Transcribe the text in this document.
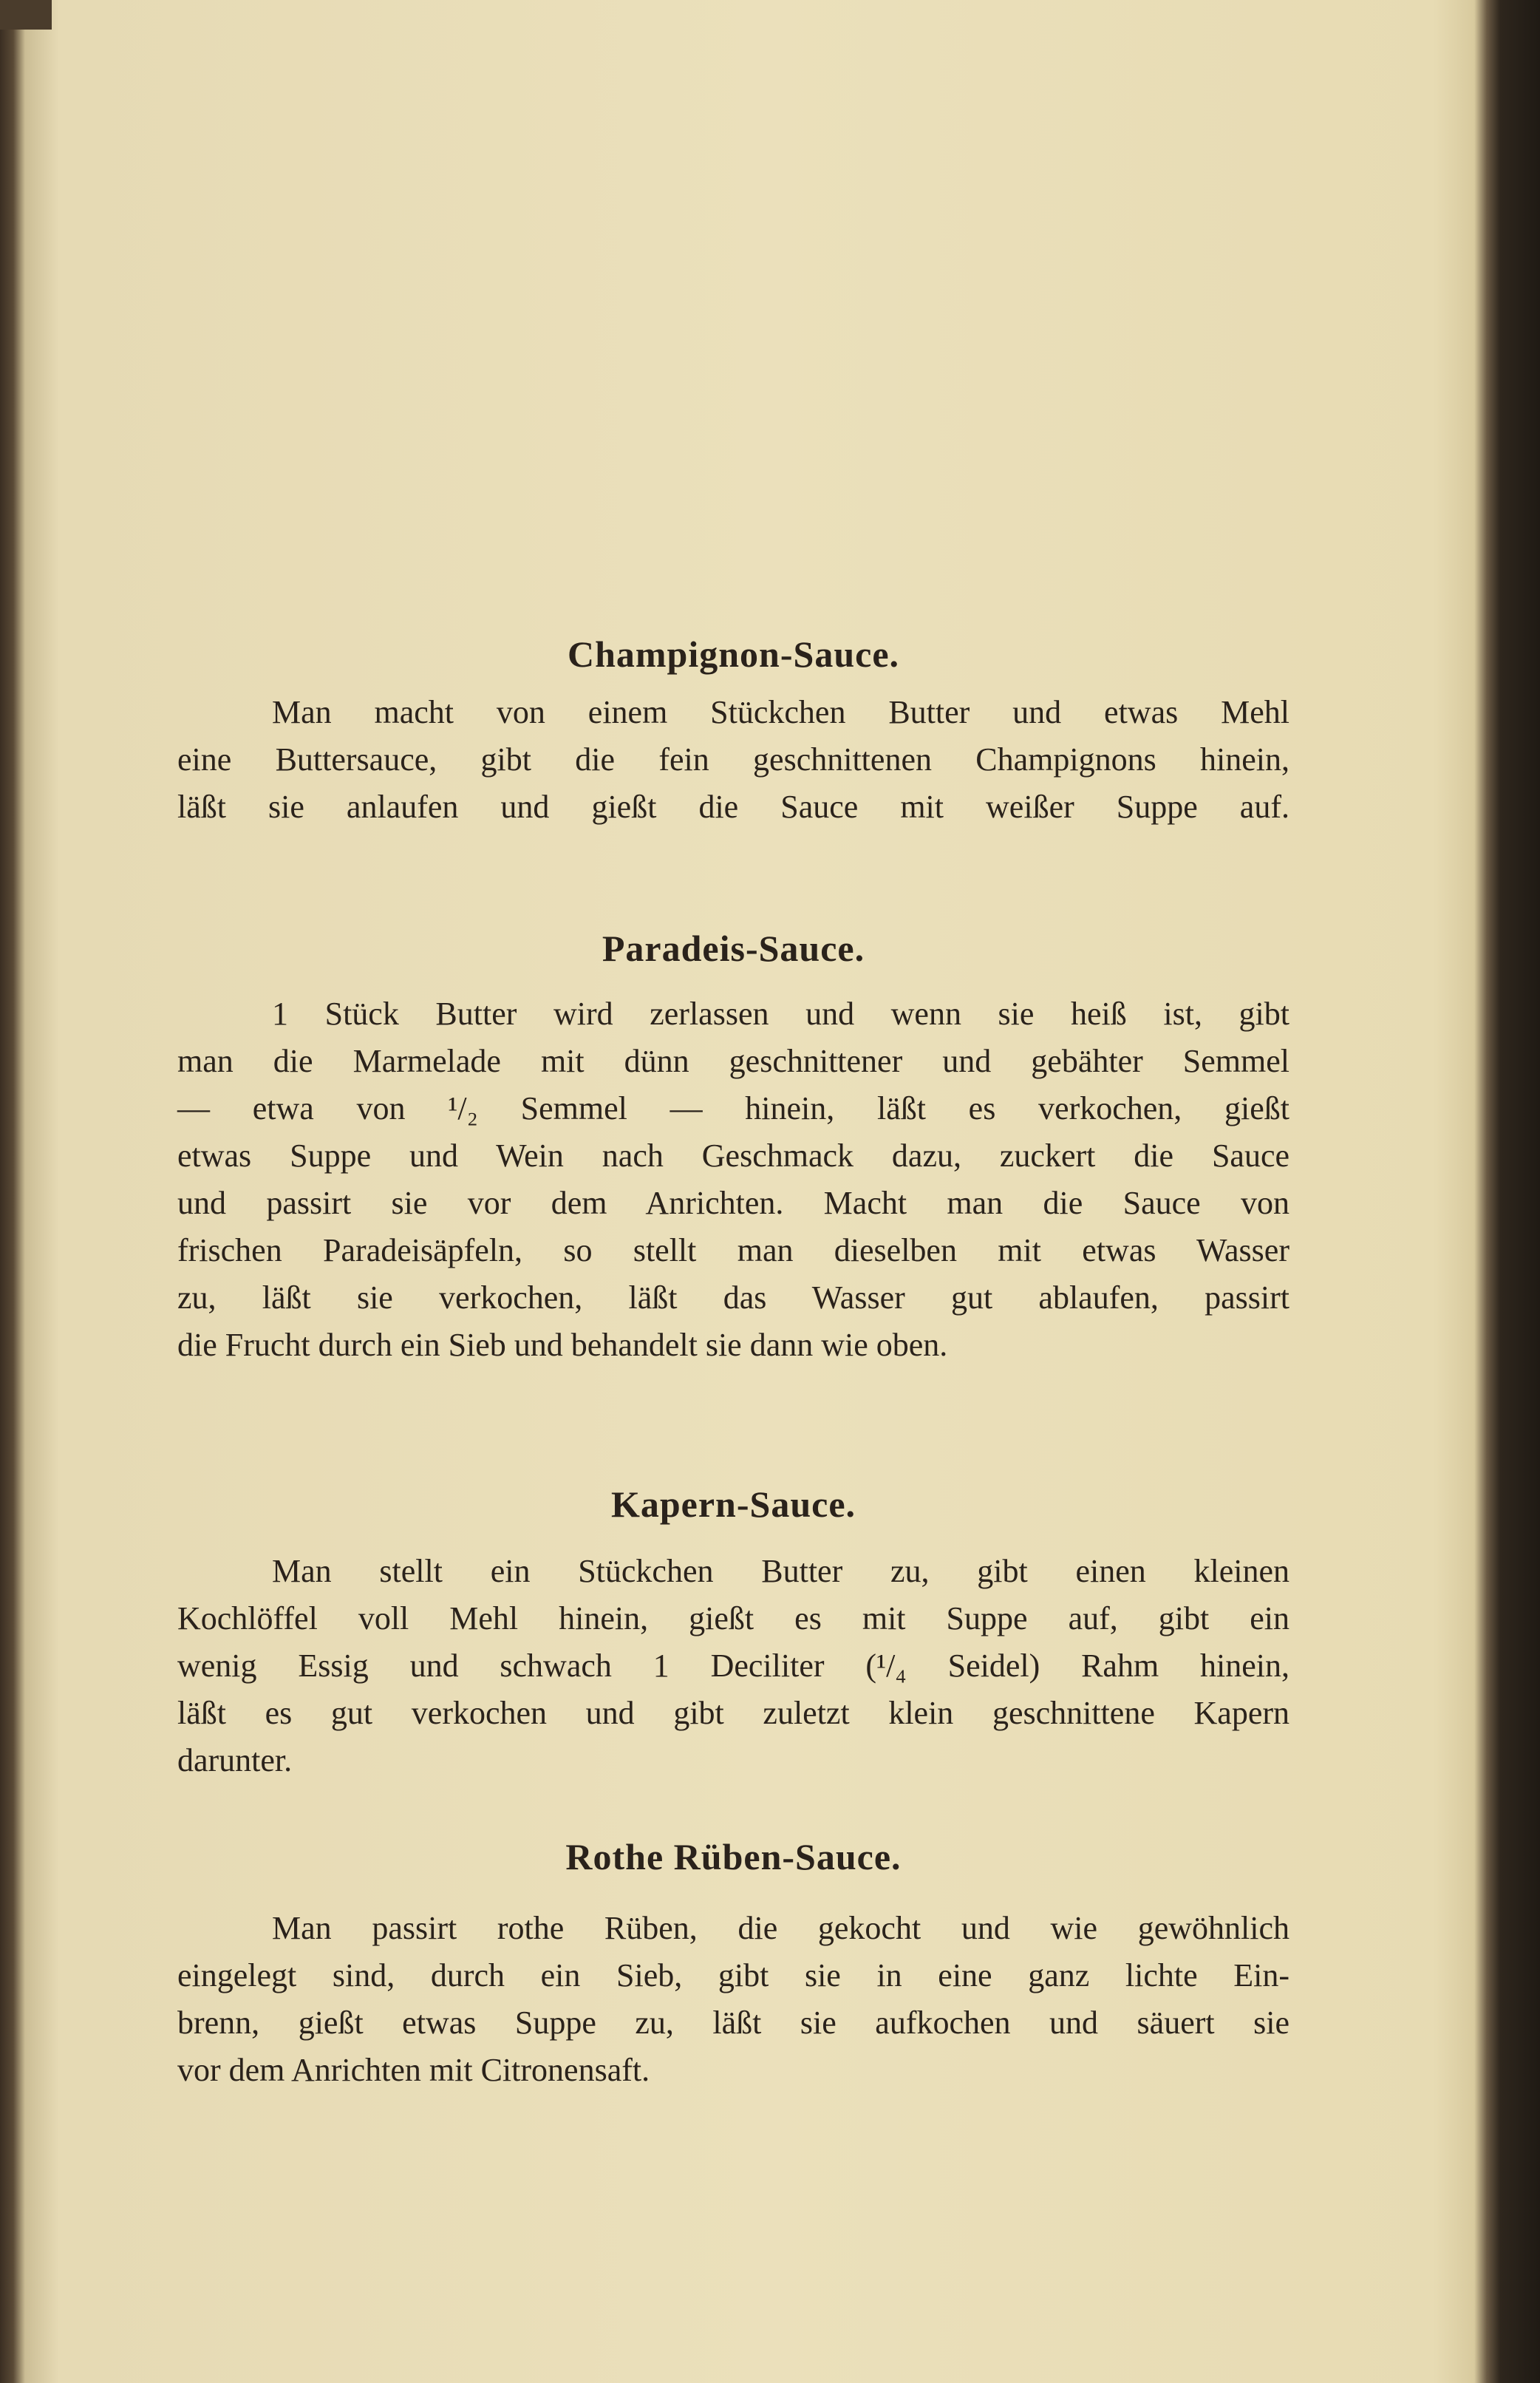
Champignon-Sauce.
Man macht von einem Stückchen Butter und etwas Mehl
eine Buttersauce, gibt die fein geschnittenen Champignons hinein,
läßt sie anlaufen und gießt die Sauce mit weißer Suppe auf.
Paradeis-Sauce.
1 Stück Butter wird zerlassen und wenn sie heiß ist, gibt
man die Marmelade mit dünn geschnittener und gebähter Semmel
— etwa von ¹/₂ Semmel — hinein, läßt es verkochen, gießt
etwas Suppe und Wein nach Geschmack dazu, zuckert die Sauce
und passirt sie vor dem Anrichten. Macht man die Sauce von
frischen Paradeisäpfeln, so stellt man dieselben mit etwas Wasser
zu, läßt sie verkochen, läßt das Wasser gut ablaufen, passirt
die Frucht durch ein Sieb und behandelt sie dann wie oben.
Kapern-Sauce.
Man stellt ein Stückchen Butter zu, gibt einen kleinen
Kochlöffel voll Mehl hinein, gießt es mit Suppe auf, gibt ein
wenig Essig und schwach 1 Deciliter (¹/₄ Seidel) Rahm hinein,
läßt es gut verkochen und gibt zuletzt klein geschnittene Kapern
darunter.
Rothe Rüben-Sauce.
Man passirt rothe Rüben, die gekocht und wie gewöhnlich
eingelegt sind, durch ein Sieb, gibt sie in eine ganz lichte Ein-
brenn, gießt etwas Suppe zu, läßt sie aufkochen und säuert sie
vor dem Anrichten mit Citronensaft.
